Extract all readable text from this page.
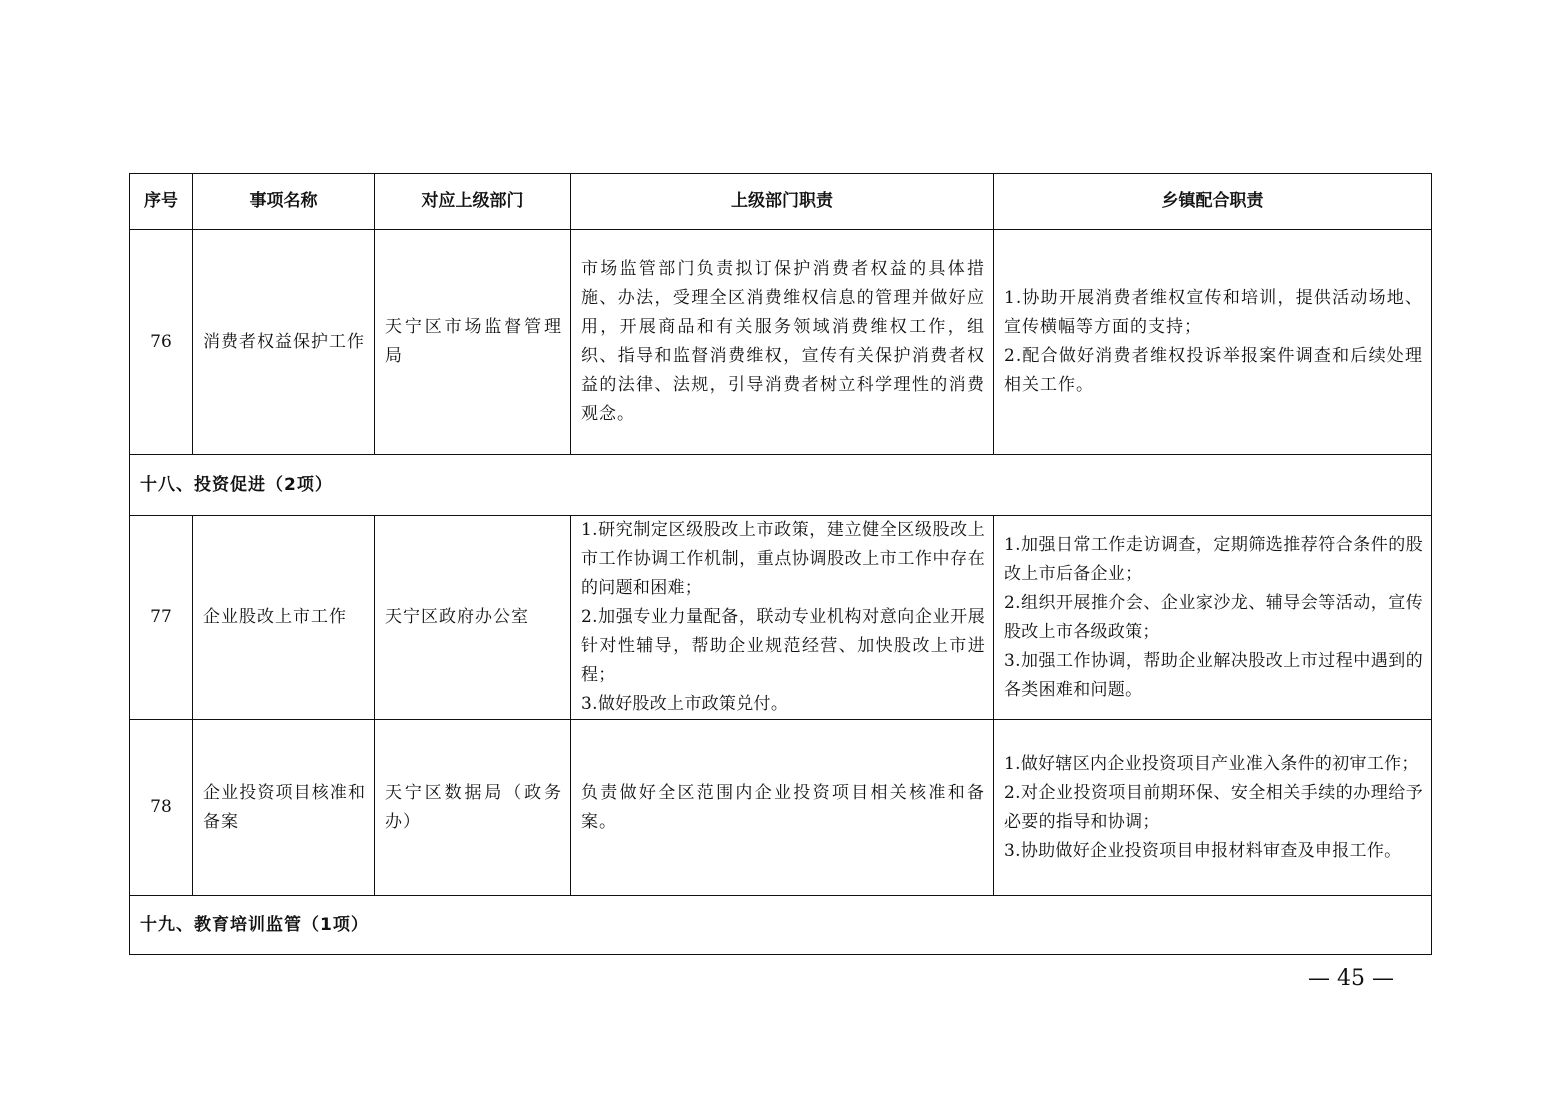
序号	事项名称	对应上级部门	上级部门职责	乡镇配合职责
76	消费者权益保护工作	天宁区市场监督管理局	市场监管部门负责拟订保护消费者权益的具体措施、办法，受理全区消费维权信息的管理并做好应用，开展商品和有关服务领域消费维权工作，组织、指导和监督消费维权，宣传有关保护消费者权益的法律、法规，引导消费者树立科学理性的消费观念。	1.协助开展消费者维权宣传和培训，提供活动场地、宣传横幅等方面的支持；
2.配合做好消费者维权投诉举报案件调查和后续处理相关工作。

十八、投资促进（2项）				
77	企业股改上市工作	天宁区政府办公室	1.研究制定区级股改上市政策，建立健全区级股改上市工作协调工作机制，重点协调股改上市工作中存在的问题和困难；
2.加强专业力量配备，联动专业机构对意向企业开展针对性辅导，帮助企业规范经营、加快股改上市进程；
3.做好股改上市政策兑付。	1.加强日常工作走访调查，定期筛选推荐符合条件的股改上市后备企业；
2.组织开展推介会、企业家沙龙、辅导会等活动，宣传股改上市各级政策；
3.加强工作协调，帮助企业解决股改上市过程中遇到的各类困难和问题。

78	企业投资项目核准和备案	天宁区数据局（政务办）	负责做好全区范围内企业投资项目相关核准和备案。	1.做好辖区内企业投资项目产业准入条件的初审工作；
2.对企业投资项目前期环保、安全相关手续的办理给予必要的指导和协调；
3.协助做好企业投资项目申报材料审查及申报工作。

十九、教育培训监管（1项）				
— 45 —
